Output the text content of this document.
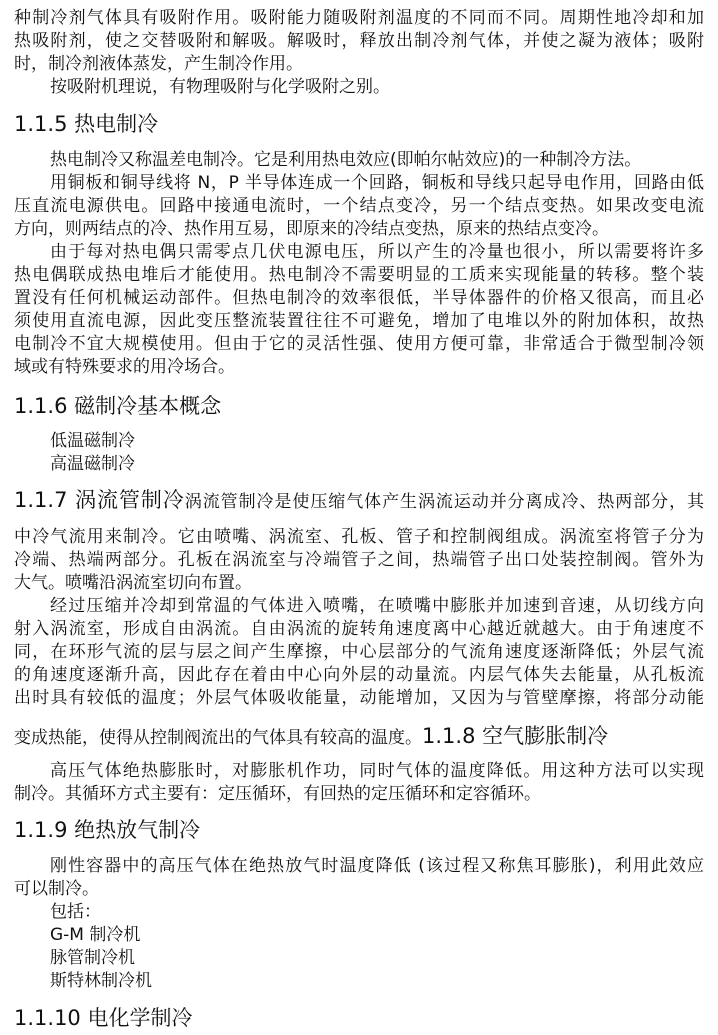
种制冷剂气体具有吸附作用。吸附能力随吸附剂温度的不同而不同。周期性地冷却和加
热吸附剂，使之交替吸附和解吸。解吸时，释放出制冷剂气体，并使之凝为液体；吸附
时，制冷剂液体蒸发，产生制冷作用。
按吸附机理说，有物理吸附与化学吸附之别。
1.1.5 热电制冷
热电制冷又称温差电制冷。它是利用热电效应(即帕尔帖效应)的一种制冷方法。
用铜板和铜导线将 N，P 半导体连成一个回路，铜板和导线只起导电作用，回路由低
压直流电源供电。回路中接通电流时，一个结点变冷，另一个结点变热。如果改变电流
方向，则两结点的冷、热作用互易，即原来的冷结点变热，原来的热结点变冷。
由于每对热电偶只需零点几伏电源电压，所以产生的冷量也很小，所以需要将许多
热电偶联成热电堆后才能使用。热电制冷不需要明显的工质来实现能量的转移。整个装
置没有任何机械运动部件。但热电制冷的效率很低，半导体器件的价格又很高，而且必
须使用直流电源，因此变压整流装置往往不可避免，增加了电堆以外的附加体积，故热
电制冷不宜大规模使用。但由于它的灵活性强、使用方便可靠，非常适合于微型制冷领
域或有特殊要求的用冷场合。
1.1.6 磁制冷基本概念
低温磁制冷
高温磁制冷
1.1.7 涡流管制冷涡流管制冷是使压缩气体产生涡流运动并分离成冷、热两部分，其
中冷气流用来制冷。它由喷嘴、涡流室、孔板、管子和控制阀组成。涡流室将管子分为
冷端、热端两部分。孔板在涡流室与冷端管子之间，热端管子出口处装控制阀。管外为
大气。喷嘴沿涡流室切向布置。
经过压缩并冷却到常温的气体进入喷嘴，在喷嘴中膨胀并加速到音速，从切线方向
射入涡流室，形成自由涡流。自由涡流的旋转角速度离中心越近就越大。由于角速度不
同，在环形气流的层与层之间产生摩擦，中心层部分的气流角速度逐渐降低；外层气流
的角速度逐渐升高，因此存在着由中心向外层的动量流。内层气体失去能量，从孔板流
出时具有较低的温度；外层气体吸收能量，动能增加，又因为与管壁摩擦，将部分动能
变成热能，使得从控制阀流出的气体具有较高的温度。1.1.8 空气膨胀制冷
高压气体绝热膨胀时，对膨胀机作功，同时气体的温度降低。用这种方法可以实现
制冷。其循环方式主要有：定压循环，有回热的定压循环和定容循环。
1.1.9 绝热放气制冷
刚性容器中的高压气体在绝热放气时温度降低 (该过程又称焦耳膨胀)，利用此效应
可以制冷。
包括：
G-M 制冷机
脉管制冷机
斯特林制冷机
1.1.10 电化学制冷
